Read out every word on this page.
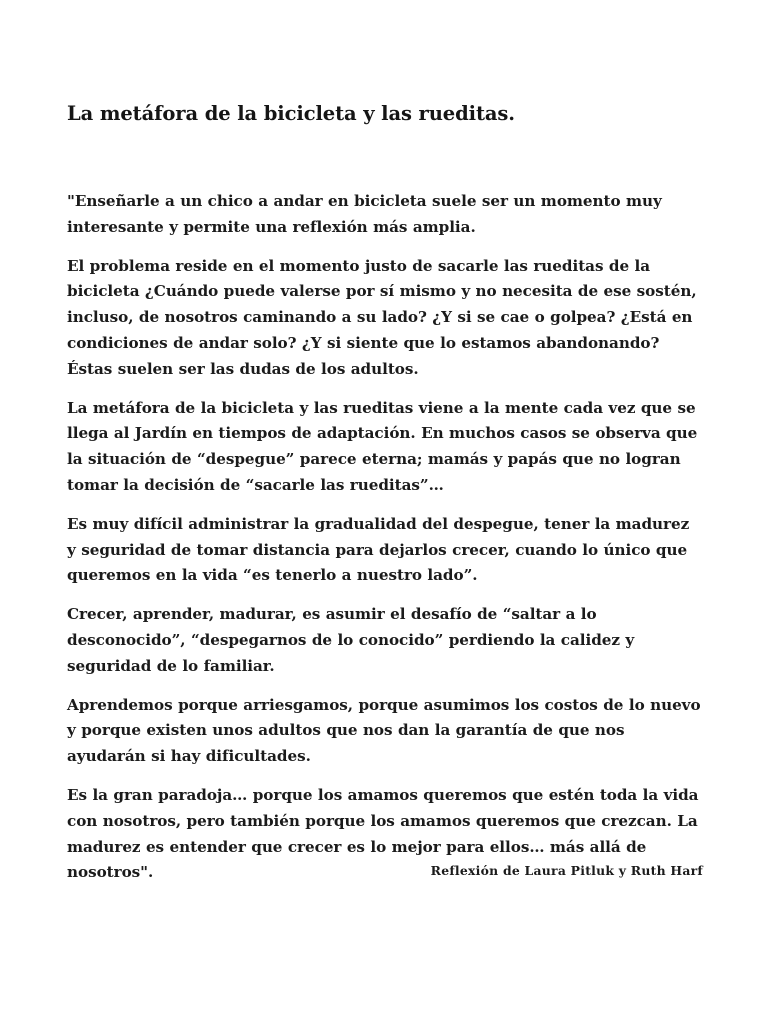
La metáfora de la bicicleta y las rueditas.

"Enseñarle a un chico a andar en bicicleta suele ser un momento muy interesante y permite una reflexión más amplia.

El problema reside en el momento justo de sacarle las rueditas de la bicicleta ¿Cuándo puede valerse por sí mismo y no necesita de ese sostén, incluso, de nosotros caminando a su lado? ¿Y si se cae o golpea? ¿Está en condiciones de andar solo? ¿Y si siente que lo estamos abandonando? Éstas suelen ser las dudas de los adultos.

La metáfora de la bicicleta y las rueditas viene a la mente cada vez que se llega al Jardín en tiempos de adaptación. En muchos casos se observa que la situación de “despegue” parece eterna; mamás y papás que no logran tomar la decisión de “sacarle las rueditas”…

Es muy difícil administrar la gradualidad del despegue, tener la madurez y seguridad de tomar distancia para dejarlos crecer, cuando lo único que queremos en la vida “es tenerlo a nuestro lado”.

Crecer, aprender, madurar, es asumir el desafío de “saltar a lo desconocido”, “despegarnos de lo conocido” perdiendo la calidez y seguridad de lo familiar.

Aprendemos porque arriesgamos, porque asumimos los costos de lo nuevo y porque existen unos adultos que nos dan la garantía de que nos ayudarán si hay dificultades.

Es la gran paradoja… porque los amamos queremos que estén toda la vida con nosotros, pero también porque los amamos queremos que crezcan. La madurez es entender que crecer es lo mejor para ellos… más allá de nosotros".	Reflexión de Laura Pitluk y Ruth Harf
